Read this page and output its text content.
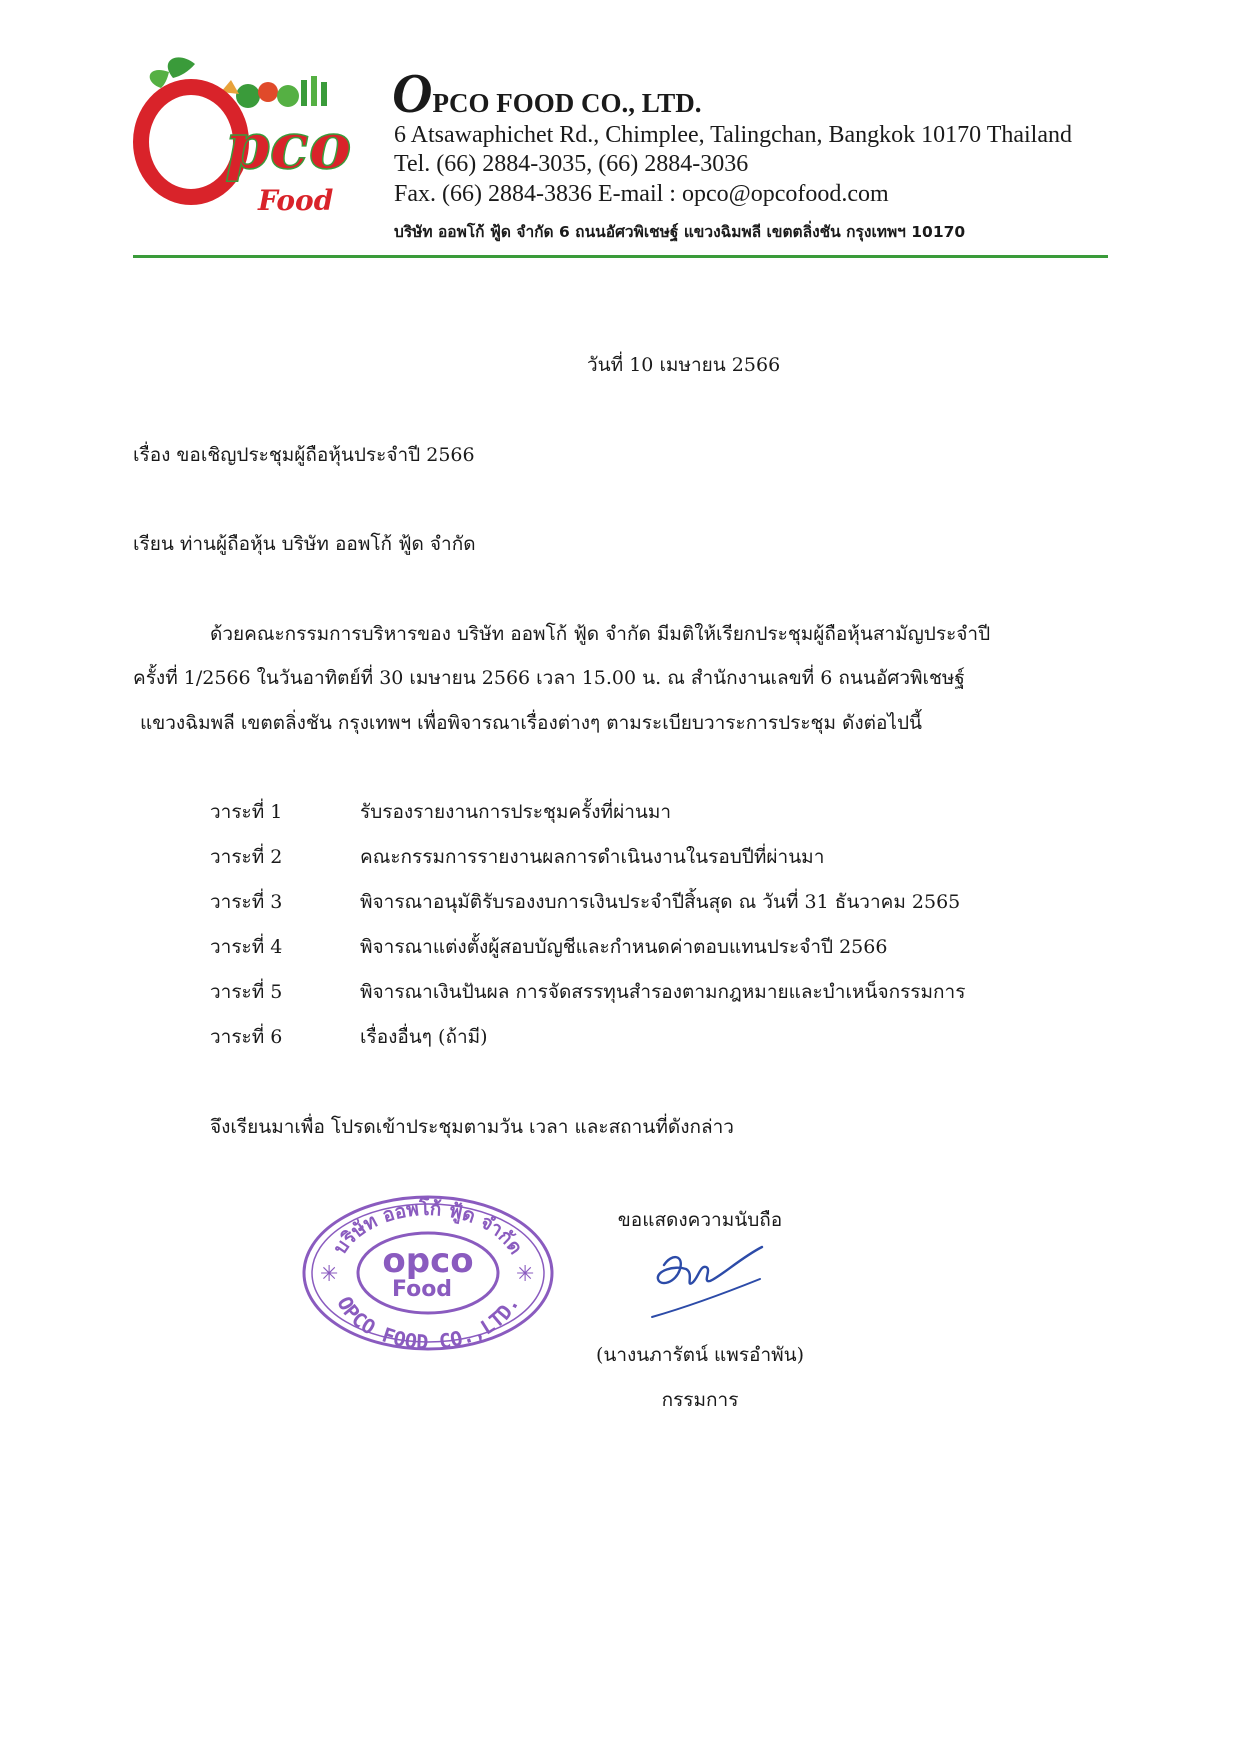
pco
Food
OPCO FOOD CO., LTD.
6 Atsawaphichet Rd., Chimplee, Talingchan, Bangkok 10170 Thailand
Tel. (66) 2884-3035, (66) 2884-3036
Fax. (66) 2884-3836 E-mail : opco@opcofood.com
บริษัท ออพโก้ ฟู้ด จำกัด 6 ถนนอัศวพิเชษฐ์ แขวงฉิมพลี เขตตลิ่งชัน กรุงเทพฯ 10170
วันที่ 10 เมษายน 2566
เรื่อง ขอเชิญประชุมผู้ถือหุ้นประจำปี 2566
เรียน ท่านผู้ถือหุ้น บริษัท ออพโก้ ฟู้ด จำกัด
ด้วยคณะกรรมการบริหารของ บริษัท ออพโก้ ฟู้ด จำกัด มีมติให้เรียกประชุมผู้ถือหุ้นสามัญประจำปี
ครั้งที่ 1/2566 ในวันอาทิตย์ที่ 30 เมษายน 2566 เวลา 15.00 น. ณ สำนักงานเลขที่ 6 ถนนอัศวพิเชษฐ์
แขวงฉิมพลี เขตตลิ่งชัน กรุงเทพฯ เพื่อพิจารณาเรื่องต่างๆ ตามระเบียบวาระการประชุม ดังต่อไปนี้
วาระที่ 1	รับรองรายงานการประชุมครั้งที่ผ่านมา
วาระที่ 2	คณะกรรมการรายงานผลการดำเนินงานในรอบปีที่ผ่านมา
วาระที่ 3	พิจารณาอนุมัติรับรองงบการเงินประจำปีสิ้นสุด ณ วันที่ 31 ธันวาคม 2565
วาระที่ 4	พิจารณาแต่งตั้งผู้สอบบัญชีและกำหนดค่าตอบแทนประจำปี 2566
วาระที่ 5	พิจารณาเงินปันผล การจัดสรรทุนสำรองตามกฎหมายและบำเหน็จกรรมการ
วาระที่ 6	เรื่องอื่นๆ (ถ้ามี)
จึงเรียนมาเพื่อ โปรดเข้าประชุมตามวัน เวลา และสถานที่ดังกล่าว
บริษัท ออพโก้ ฟู้ด จำกัด
OPCO FOOD CO.,LTD.
opco
Food
✳	✳
ขอแสดงความนับถือ
(นางนภารัตน์ แพรอำพัน)
กรรมการ
